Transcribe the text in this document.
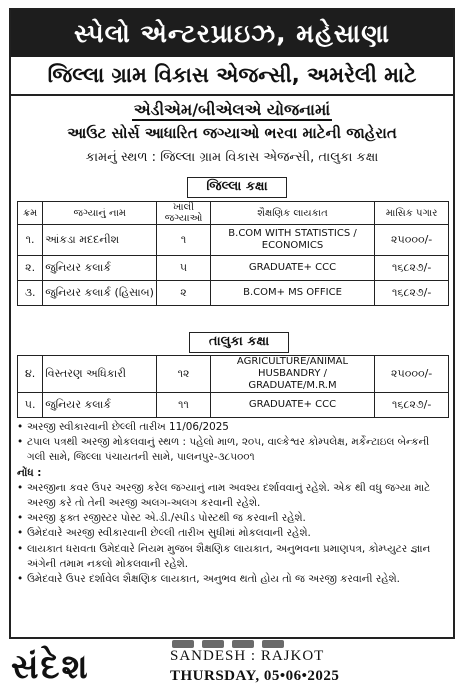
સ્પેલો એન્ટરપ્રાઇઝ, મહેસાણા
જિલ્લા ગ્રામ વિકાસ એજન્સી, અમરેલી માટે
એડીએમ/બીએલએ યોજનામાં
આઉટ સોર્સ આધારિત જગ્યાઓ ભરવા માટેની જાહેરાત
કામનું સ્થળ : જિલ્લા ગ્રામ વિકાસ એજન્સી, તાલુકા કક્ષા
જિલ્લા કક્ષા
ક્રમ	જગ્યાનું નામ	ખાલી જગ્યાઓ	શૈક્ષણિક લાયકાત	માસિક પગાર
૧.	આંકડા મદદનીશ	૧	B.COM WITH STATISTICS / ECONOMICS	૨૫૦૦૦/-
૨.	જુનિયર કલાર્ક	૫	GRADUATE+ CCC	૧૬૮૨૭/-
૩.	જુનિયર કલાર્ક (હિસાબ)	૨	B.COM+ MS OFFICE	૧૬૮૨૭/-
તાલુકા કક્ષા
૪.	વિસ્તરણ અધિકારી	૧૨	AGRICULTURE/ANIMAL HUSBANDRY / GRADUATE/M.R.M	૨૫૦૦૦/-
૫.	જુનિયર કલાર્ક	૧૧	GRADUATE+ CCC	૧૬૮૨૭/-

• અરજી સ્વીકારવાની છેલ્લી તારીખ 11/06/2025

• ટપાલ પત્રથી અરજી મોકલવાનું સ્થળ : પહેલો માળ, ૨૦૫, વાલ્કેશ્વર કોમ્પલેક્ષ, મર્કેન્ટાઇલ બેન્કની ગલી સામે, જિલ્લા પંચાયતની સામે, પાલનપુર-૩૮૫૦૦૧

નોંધ :

• અરજીના કવર ઉપર અરજી કરેલ જગ્યાનું નામ અવશ્ય દર્શાવવાનું રહેશે. એક થી વધુ જગ્યા માટે અરજી કરે તો તેની અરજી અલગ-અલગ કરવાની રહેશે.

• અરજી ફક્ત રજીસ્ટર પોસ્ટ એ.ડી./સ્પીડ પોસ્ટથી જ કરવાની રહેશે.

• ઉમેદવારે અરજી સ્વીકારવાની છેલ્લી તારીખ સુધીમાં મોકલવાની રહેશે.

• લાયકાત ધરાવતા ઉમેદવારે નિયમ મુજબ શૈક્ષણિક લાયકાત, અનુભવના પ્રમાણપત્ર, કોમ્પ્યુટર જ્ઞાન અંગેની તમામ નકલો મોકલવાની રહેશે.

• ઉમેદવારે ઉપર દર્શાવેલ શૈક્ષણિક લાયકાત, અનુભવ થતો હોય તો જ અરજી કરવાની રહેશે.

સંદેશ	SANDESH : RAJKOT
THURSDAY, 05•06•2025
